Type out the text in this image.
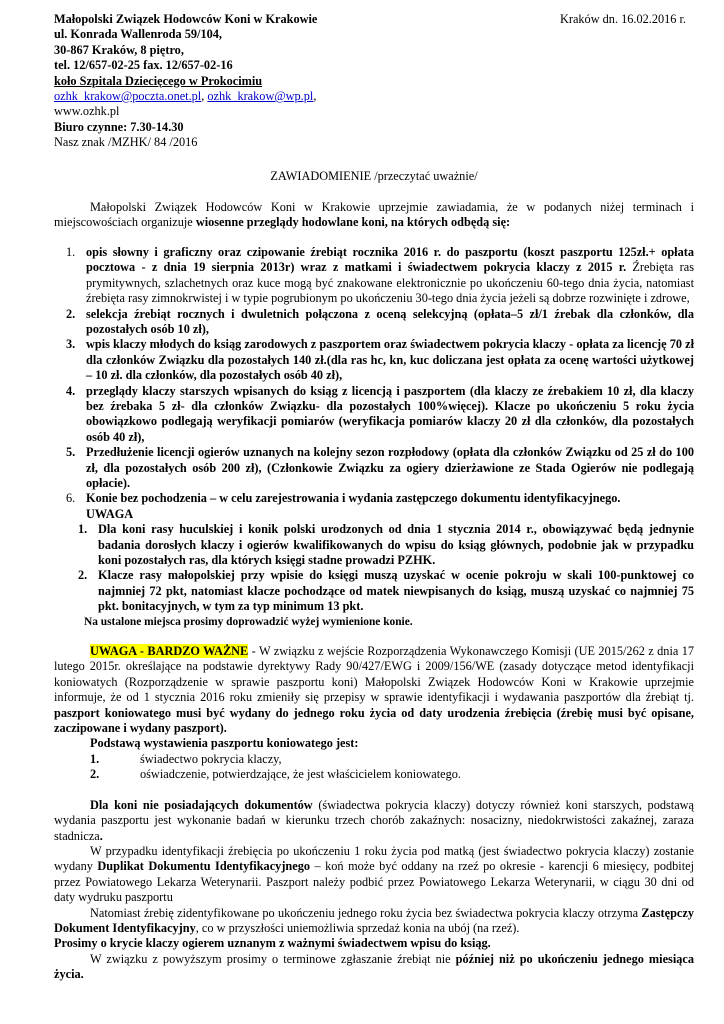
Kraków dn. 16.02.2016 r.
Małopolski Związek Hodowców Koni w Krakowie
ul. Konrada Wallenroda 59/104,
30-867 Kraków, 8 piętro,
tel. 12/657-02-25 fax. 12/657-02-16
koło Szpitala Dziecięcego w Prokocimiu
ozhk_krakow@poczta.onet.pl, ozhk_krakow@wp.pl,
www.ozhk.pl
Biuro czynne: 7.30-14.30
Nasz znak /MZHK/ 84 /2016
ZAWIADOMIENIE /przeczytać uważnie/

Małopolski Związek Hodowców Koni w Krakowie uprzejmie zawiadamia, że w podanych niżej terminach i miejscowościach organizuje wiosenne przeglądy hodowlane koni, na których odbędą się:

1. opis słowny i graficzny oraz czipowanie źrebiąt rocznika 2016 r. do paszportu (koszt paszportu 125zł.+ opłata pocztowa - z dnia 19 sierpnia 2013r) wraz z matkami i świadectwem pokrycia klaczy z 2015 r. Źrebięta ras prymitywnych, szlachetnych oraz kuce mogą być znakowane elektronicznie po ukończeniu 60-tego dnia życia, natomiast źrebięta rasy zimnokrwistej i w typie pogrubionym po ukończeniu 30-tego dnia życia jeżeli są dobrze rozwinięte i zdrowe,
2. selekcja źrebiąt rocznych i dwuletnich połączona z oceną selekcyjną (opłata–5 zł/1 źrebak dla członków, dla pozostałych osób 10 zł),
3. wpis klaczy młodych do ksiąg zarodowych z paszportem oraz świadectwem pokrycia klaczy - opłata za licencję 70 zł dla członków Związku dla pozostałych 140 zł.(dla ras hc, kn, kuc doliczana jest opłata za ocenę wartości użytkowej – 10 zł. dla członków, dla pozostałych osób 40 zł),
4. przeglądy klaczy starszych wpisanych do ksiąg z licencją i paszportem (dla klaczy ze źrebakiem 10 zł, dla klaczy bez źrebaka 5 zł- dla członków Związku- dla pozostałych 100%więcej). Klacze po ukończeniu 5 roku życia obowiązkowo podlegają weryfikacji pomiarów (weryfikacja pomiarów klaczy 20 zł dla członków, dla pozostałych osób 40 zł),
5. Przedłużenie licencji ogierów uznanych na kolejny sezon rozpłodowy (opłata dla członków Związku od 25 zł do 100 zł, dla pozostałych osób 200 zł), (Członkowie Związku za ogiery dzierżawione ze Stada Ogierów nie podlegają opłacie).
6. Konie bez pochodzenia – w celu zarejestrowania i wydania zastępczego dokumentu identyfikacyjnego.
UWAGA
1. Dla koni rasy huculskiej i konik polski urodzonych od dnia 1 stycznia 2014 r., obowiązywać będą jednynie badania dorosłych klaczy i ogierów kwalifikowanych do wpisu do ksiąg głównych, podobnie jak w przypadku koni pozostałych ras, dla których księgi stadne prowadzi PZHK.
2. Klacze rasy małopolskiej przy wpisie do księgi muszą uzyskać w ocenie pokroju w skali 100-punktowej co najmniej 72 pkt, natomiast klacze pochodzące od matek niewpisanych do ksiąg, muszą uzyskać co najmniej 75 pkt. bonitacyjnych, w tym za typ minimum 13 pkt.
Na ustalone miejsca prosimy doprowadzić wyżej wymienione konie.

UWAGA - BARDZO WAŻNE - W związku z wejście Rozporządzenia Wykonawczego Komisji (UE 2015/262 z dnia 17 lutego 2015r. określające na podstawie dyrektywy Rady 90/427/EWG i 2009/156/WE (zasady dotyczące metod identyfikacji koniowatych (Rozporządzenie w sprawie paszportu koni) Małopolski Związek Hodowców Koni w Krakowie uprzejmie informuje, że od 1 stycznia 2016 roku zmieniły się przepisy w sprawie identyfikacji i wydawania paszportów dla źrebiąt tj. paszport koniowatego musi być wydany do jednego roku życia od daty urodzenia źrebięcia (źrebię musi być opisane, zaczipowane i wydany paszport).

Podstawą wystawienia paszportu koniowatego jest:
1.	świadectwo pokrycia klaczy,
2.	oświadczenie, potwierdzające, że jest właścicielem koniowatego.

Dla koni nie posiadających dokumentów (świadectwa pokrycia klaczy) dotyczy również koni starszych, podstawą wydania paszportu jest wykonanie badań w kierunku trzech chorób zakaźnych: nosacizny, niedokrwistości zakaźnej, zaraza stadnicza.

W przypadku identyfikacji źrebięcia po ukończeniu 1 roku życia pod matką (jest świadectwo pokrycia klaczy) zostanie wydany Duplikat Dokumentu Identyfikacyjnego – koń może być oddany na rzeź po okresie - karencji 6 miesięcy, podbitej przez Powiatowego Lekarza Weterynarii. Paszport należy podbić przez Powiatowego Lekarza Weterynarii, w ciągu 30 dni od daty wydruku paszportu

Natomiast źrebię zidentyfikowane po ukończeniu jednego roku życia bez świadectwa pokrycia klaczy otrzyma Zastępczy Dokument Identyfikacyjny, co w przyszłości uniemożliwia sprzedaż konia na ubój (na rzeź).

Prosimy o krycie klaczy ogierem uznanym z ważnymi świadectwem wpisu do ksiąg.

W związku z powyższym prosimy o terminowe zgłaszanie źrebiąt nie później niż po ukończeniu jednego miesiąca życia.
